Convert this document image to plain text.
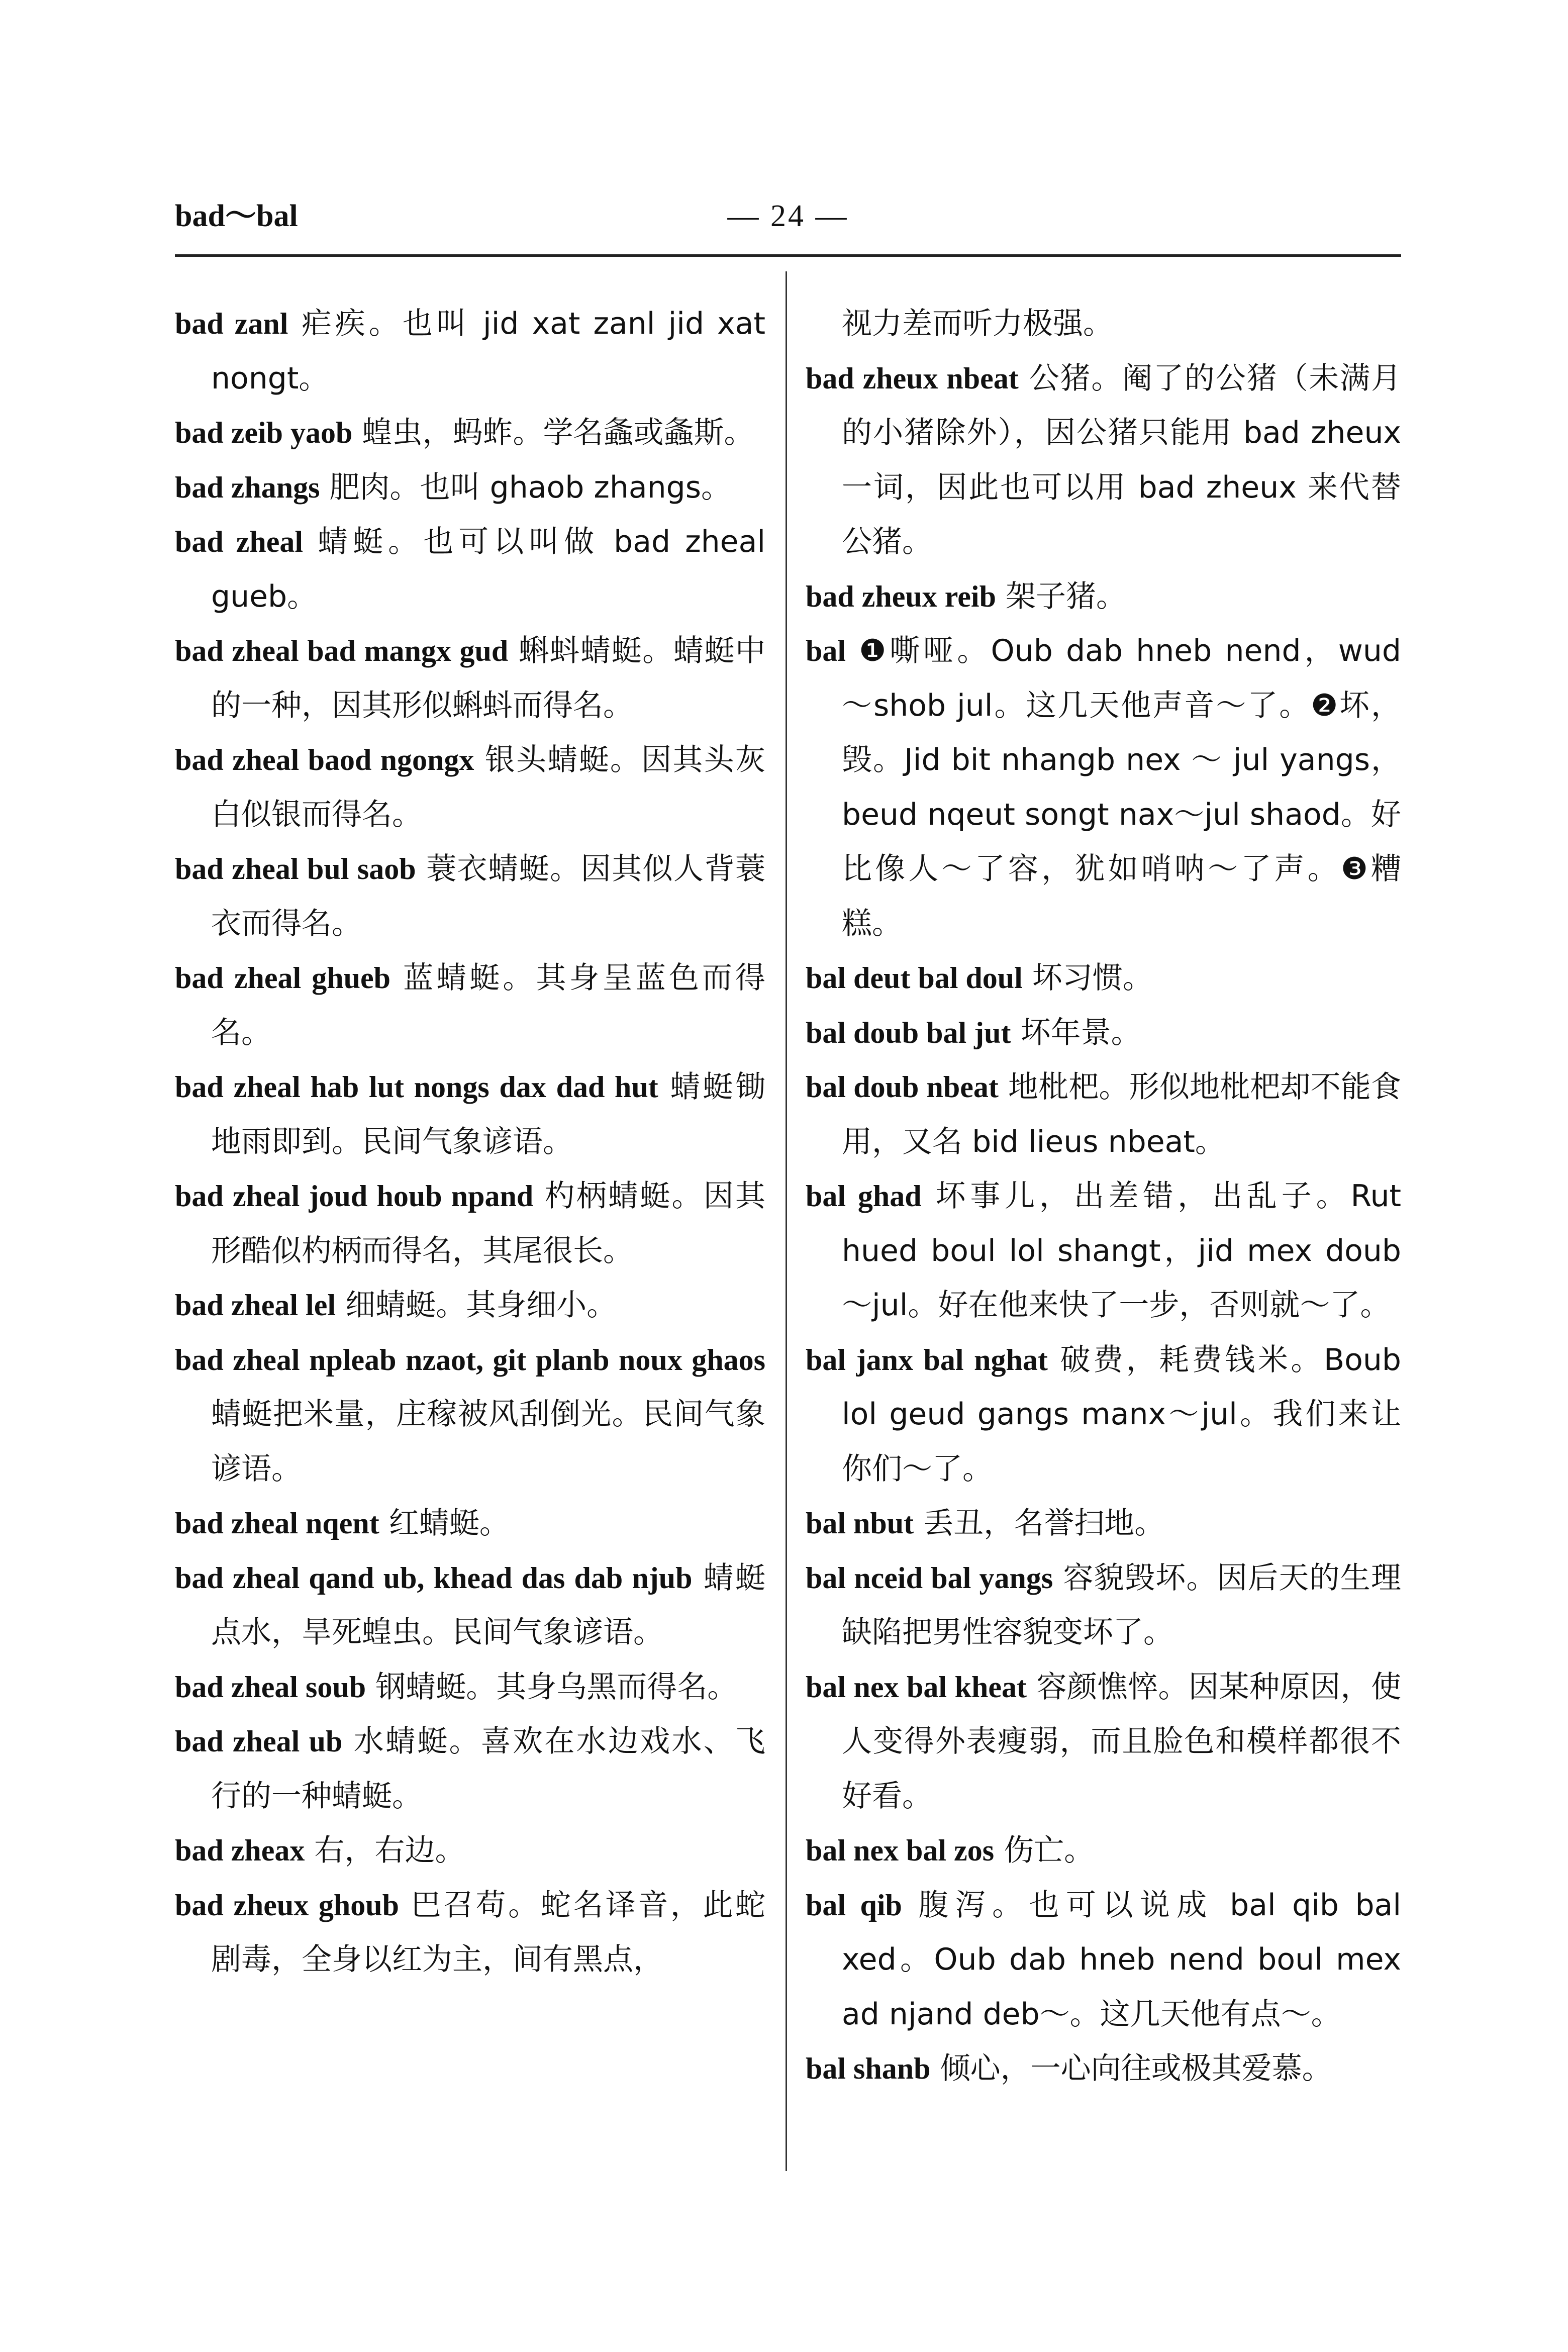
bad～bal	— 24 —

bad zanl 疟疾。也叫 jid xat zanl jid xat nongt。

bad zeib yaob 蝗虫，蚂蚱。学名螽或螽斯。

bad zhangs 肥肉。也叫 ghaob zhangs。

bad zheal 蜻蜓。也可以叫做 bad zheal gueb。

bad zheal bad mangx gud 蝌蚪蜻蜓。蜻蜓中的一种，因其形似蝌蚪而得名。

bad zheal baod ngongx 银头蜻蜓。因其头灰白似银而得名。

bad zheal bul saob 蓑衣蜻蜓。因其似人背蓑衣而得名。

bad zheal ghueb 蓝蜻蜓。其身呈蓝色而得名。

bad zheal hab lut nongs dax dad hut 蜻蜓锄地雨即到。民间气象谚语。

bad zheal joud houb npand 杓柄蜻蜓。因其形酷似杓柄而得名，其尾很长。

bad zheal lel 细蜻蜓。其身细小。

bad zheal npleab nzaot, git planb noux ghaos 蜻蜓把米量，庄稼被风刮倒光。民间气象谚语。

bad zheal nqent 红蜻蜓。

bad zheal qand ub, khead das dab njub 蜻蜓点水，旱死蝗虫。民间气象谚语。

bad zheal soub 钢蜻蜓。其身乌黑而得名。

bad zheal ub 水蜻蜓。喜欢在水边戏水、飞行的一种蜻蜓。

bad zheax 右，右边。

bad zheux ghoub 巴召苟。蛇名译音，此蛇剧毒，全身以红为主，间有黑点，

视力差而听力极强。

bad zheux nbeat 公猪。阉了的公猪（未满月的小猪除外），因公猪只能用 bad zheux 一词，因此也可以用 bad zheux 来代替公猪。

bad zheux reib 架子猪。

bal ❶嘶哑。Oub dab hneb nend，wud ～shob jul。这几天他声音～了。❷坏，毁。Jid bit nhangb nex ～ jul yangs，beud nqeut songt nax～jul shaod。好比像人～了容，犹如哨呐～了声。❸糟糕。

bal deut bal doul 坏习惯。

bal doub bal jut 坏年景。

bal doub nbeat 地枇杷。形似地枇杷却不能食用，又名 bid lieus nbeat。

bal ghad 坏事儿，出差错，出乱子。Rut hued boul lol shangt，jid mex doub ～jul。好在他来快了一步，否则就～了。

bal janx bal nghat 破费，耗费钱米。Boub lol geud gangs manx～jul。我们来让你们～了。

bal nbut 丢丑，名誉扫地。

bal nceid bal yangs 容貌毁坏。因后天的生理缺陷把男性容貌变坏了。

bal nex bal kheat 容颜憔悴。因某种原因，使人变得外表瘦弱，而且脸色和模样都很不好看。

bal nex bal zos 伤亡。

bal qib 腹泻。也可以说成 bal qib bal xed。Oub dab hneb nend boul mex ad njand deb～。这几天他有点～。

bal shanb 倾心，一心向往或极其爱慕。
